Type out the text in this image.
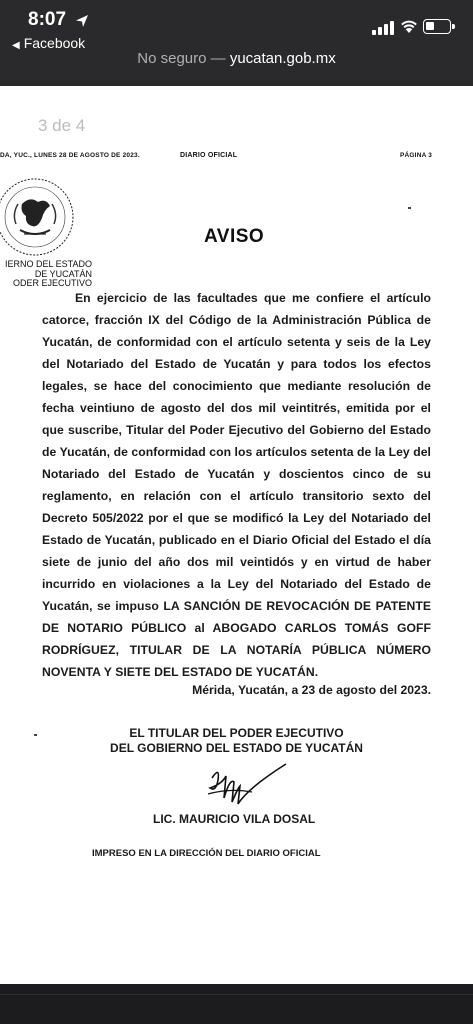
8:07
◀ Facebook
No seguro — yucatan.gob.mx
3 de 4
DA, YUC., LUNES 28 DE AGOSTO DE 2023.	DIARIO OFICIAL	PÁGINA 3
IERNO DEL ESTADO
DE YUCATÁN
ODER EJECUTIVO
AVISO

En ejercicio de las facultades que me confiere el artículo catorce, fracción IX del Código de la Administración Pública de Yucatán, de conformidad con el artículo setenta y seis de la Ley del Notariado del Estado de Yucatán y para todos los efectos legales, se hace del conocimiento que mediante resolución de fecha veintiuno de agosto del dos mil veintitrés, emitida por el que suscribe, Titular del Poder Ejecutivo del Gobierno del Estado de Yucatán, de conformidad con los artículos setenta de la Ley del Notariado del Estado de Yucatán y doscientos cinco de su reglamento, en relación con el artículo transitorio sexto del Decreto 505/2022 por el que se modificó la Ley del Notariado del Estado de Yucatán, publicado en el Diario Oficial del Estado el día siete de junio del año dos mil veintidós y en virtud de haber incurrido en violaciones a la Ley del Notariado del Estado de Yucatán, se impuso LA SANCIÓN DE REVOCACIÓN DE PATENTE DE NOTARIO PÚBLICO al ABOGADO CARLOS TOMÁS GOFF RODRÍGUEZ, TITULAR DE LA NOTARÍA PÚBLICA NÚMERO NOVENTA Y SIETE DEL ESTADO DE YUCATÁN.

Mérida, Yucatán, a 23 de agosto del 2023.
EL TITULAR DEL PODER EJECUTIVO
DEL GOBIERNO DEL ESTADO DE YUCATÁN
LIC. MAURICIO VILA DOSAL
IMPRESO EN LA DIRECCIÓN DEL DIARIO OFICIAL
